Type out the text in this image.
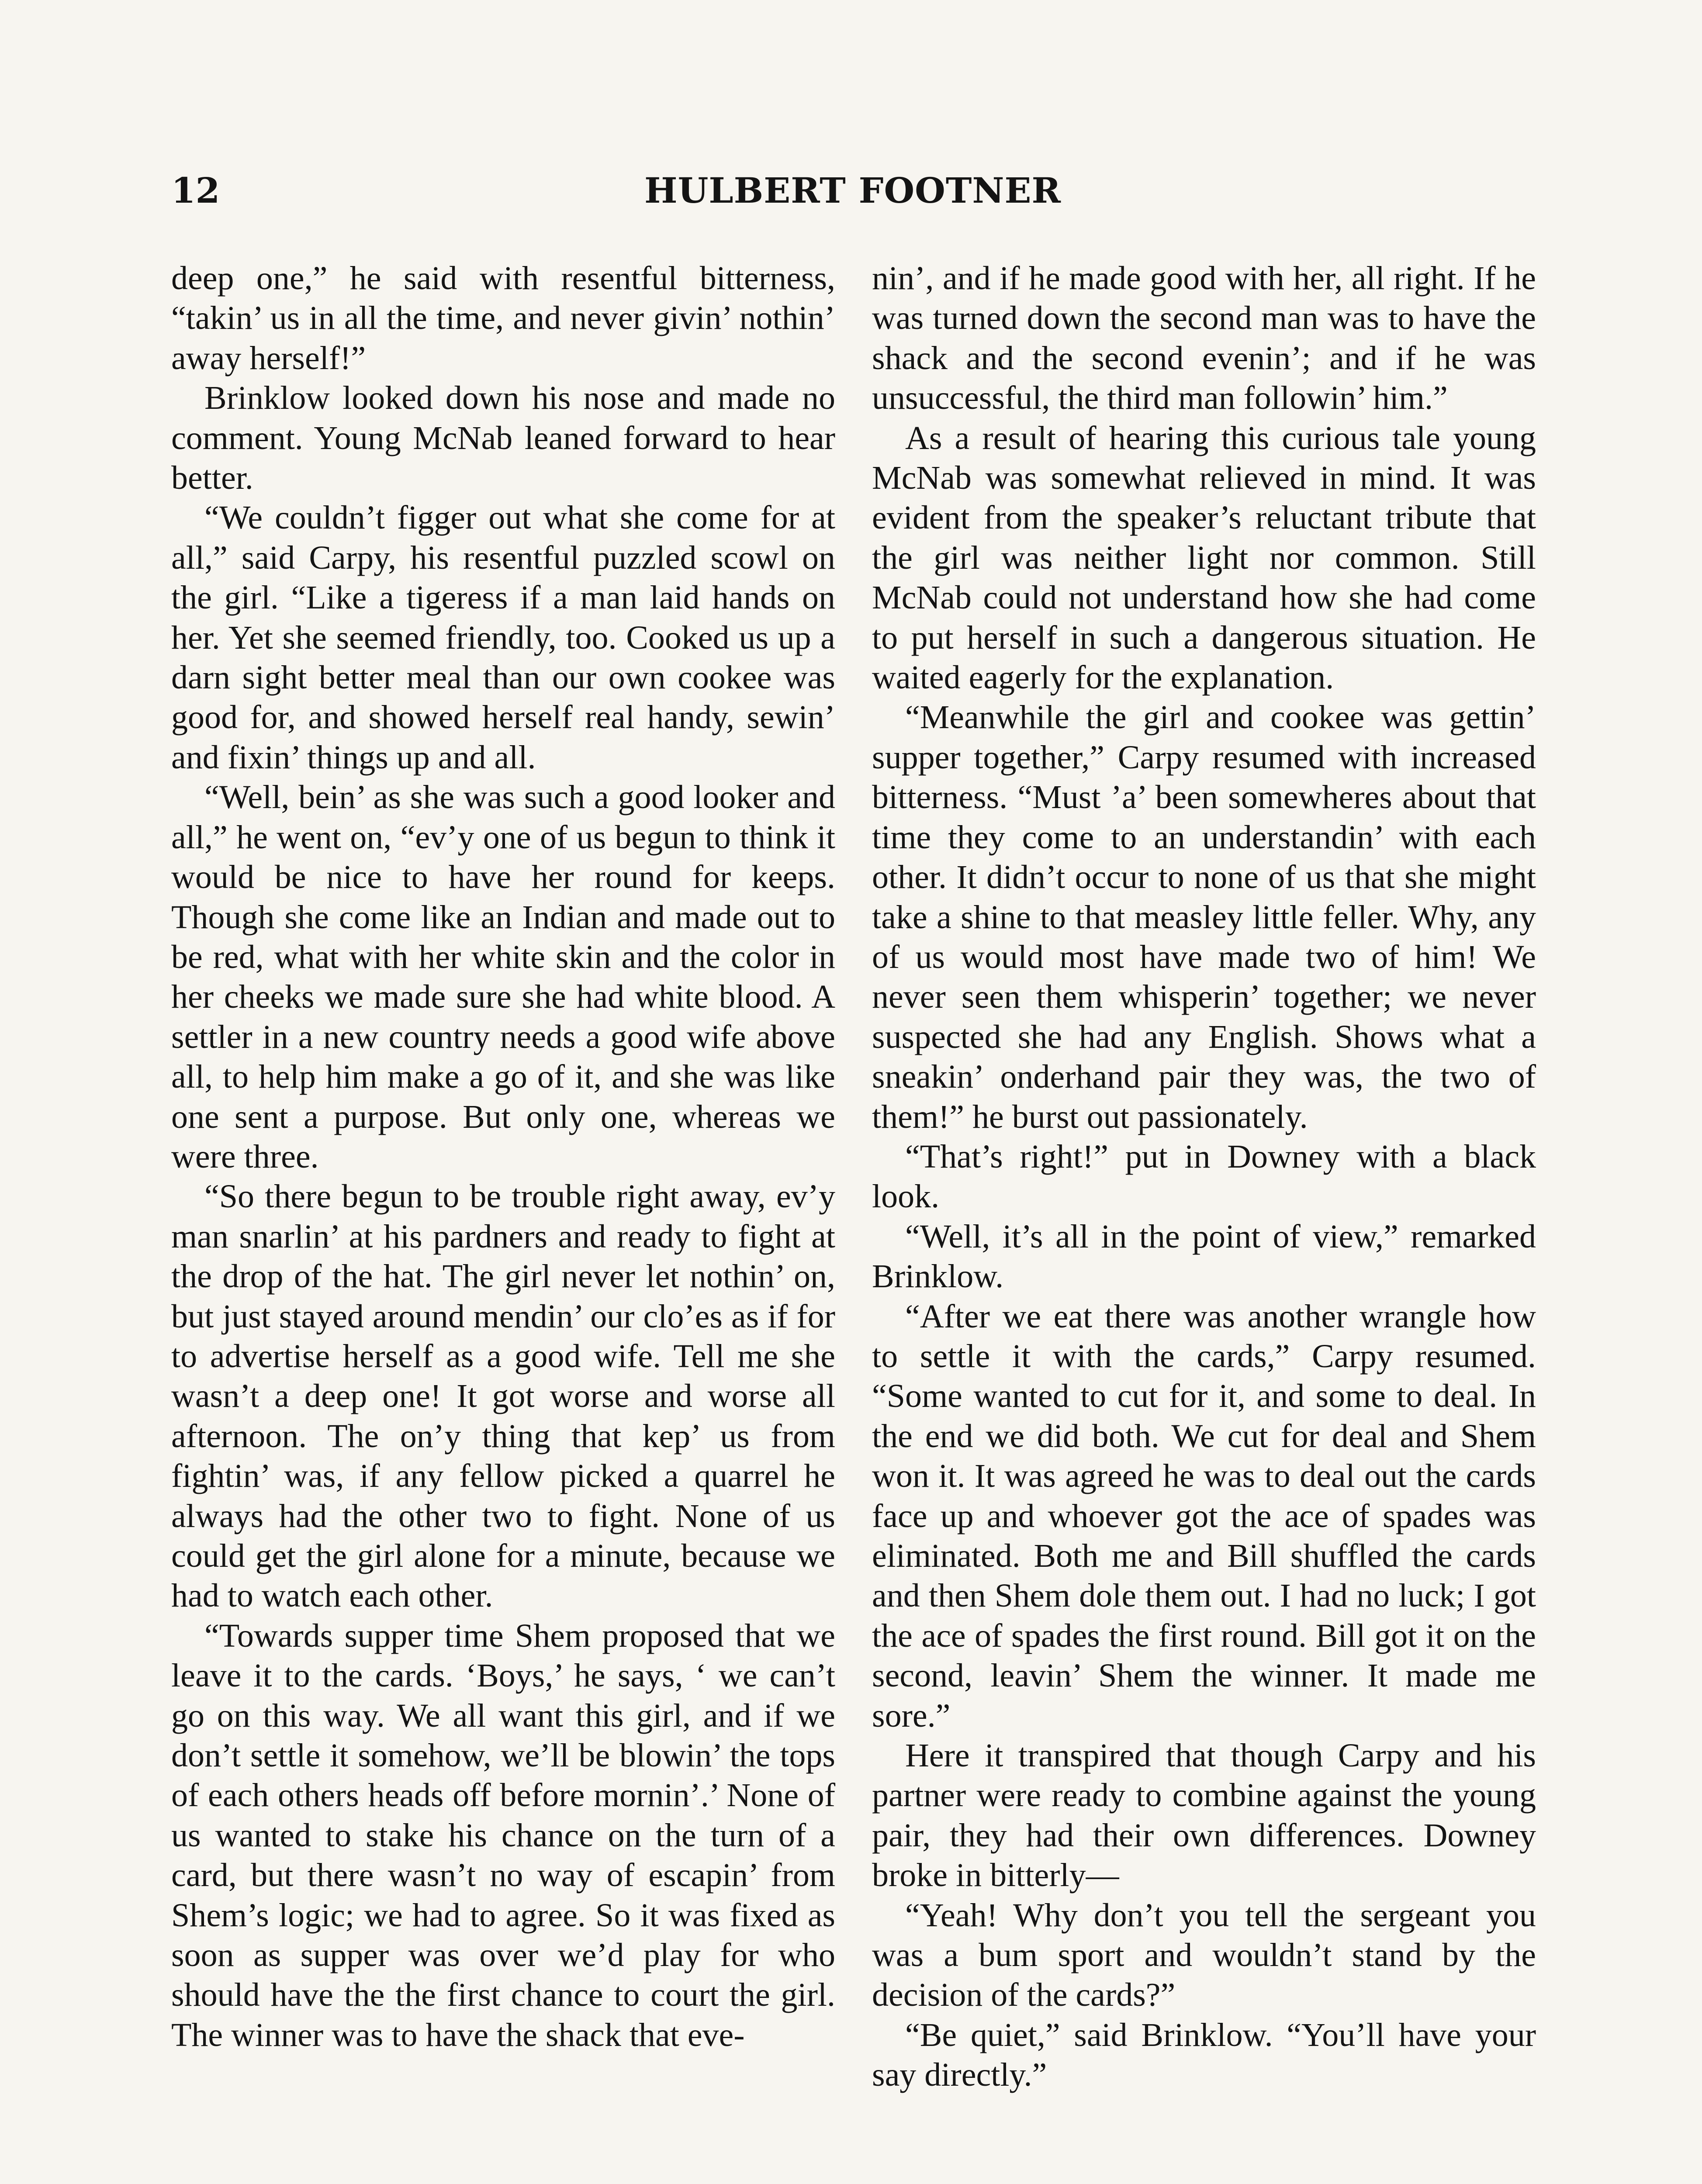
12	HULBERT FOOTNER

deep one,” he said with resentful bitterness, “takin’ us in all the time, and never givin’ nothin’ away herself!”

Brinklow looked down his nose and made no comment. Young McNab leaned forward to hear better.

“We couldn’t figger out what she come for at all,” said Carpy, his resentful puzzled scowl on the girl. “Like a tigeress if a man laid hands on her. Yet she seemed friendly, too. Cooked us up a darn sight better meal than our own cookee was good for, and showed herself real handy, sewin’ and fixin’ things up and all.

“Well, bein’ as she was such a good looker and all,” he went on, “ev’y one of us begun to think it would be nice to have her round for keeps. Though she come like an Indian and made out to be red, what with her white skin and the color in her cheeks we made sure she had white blood. A settler in a new country needs a good wife above all, to help him make a go of it, and she was like one sent a purpose. But only one, whereas we were three.

“So there begun to be trouble right away, ev’y man snarlin’ at his pardners and ready to fight at the drop of the hat. The girl never let nothin’ on, but just stayed around mendin’ our clo’es as if for to advertise herself as a good wife. Tell me she wasn’t a deep one! It got worse and worse all afternoon. The on’y thing that kep’ us from fightin’ was, if any fellow picked a quarrel he always had the other two to fight. None of us could get the girl alone for a minute, because we had to watch each other.

“Towards supper time Shem proposed that we leave it to the cards. ‘Boys,’ he says, ‘ we can’t go on this way. We all want this girl, and if we don’t settle it somehow, we’ll be blowin’ the tops of each others heads off before mornin’.’ None of us wanted to stake his chance on the turn of a card, but there wasn’t no way of escapin’ from Shem’s logic; we had to agree. So it was fixed as soon as supper was over we’d play for who should have the the first chance to court the girl. The winner was to have the shack that eve-

nin’, and if he made good with her, all right. If he was turned down the second man was to have the shack and the second evenin’; and if he was unsuccessful, the third man followin’ him.”

As a result of hearing this curious tale young McNab was somewhat relieved in mind. It was evident from the speaker’s reluctant tribute that the girl was neither light nor common. Still McNab could not understand how she had come to put herself in such a dangerous situation. He waited eagerly for the explanation.

“Meanwhile the girl and cookee was gettin’ supper together,” Carpy resumed with increased bitterness. “Must ’a’ been somewheres about that time they come to an understandin’ with each other. It didn’t occur to none of us that she might take a shine to that measley little feller. Why, any of us would most have made two of him! We never seen them whisperin’ together; we never suspected she had any English. Shows what a sneakin’ onderhand pair they was, the two of them!” he burst out passionately.

“That’s right!” put in Downey with a black look.

“Well, it’s all in the point of view,” remarked Brinklow.

“After we eat there was another wrangle how to settle it with the cards,” Carpy resumed. “Some wanted to cut for it, and some to deal. In the end we did both. We cut for deal and Shem won it. It was agreed he was to deal out the cards face up and whoever got the ace of spades was eliminated. Both me and Bill shuffled the cards and then Shem dole them out. I had no luck; I got the ace of spades the first round. Bill got it on the second, leavin’ Shem the winner. It made me sore.”

Here it transpired that though Carpy and his partner were ready to combine against the young pair, they had their own differences. Downey broke in bitterly—

“Yeah! Why don’t you tell the sergeant you was a bum sport and wouldn’t stand by the decision of the cards?”

“Be quiet,” said Brinklow. “You’ll have your say directly.”
